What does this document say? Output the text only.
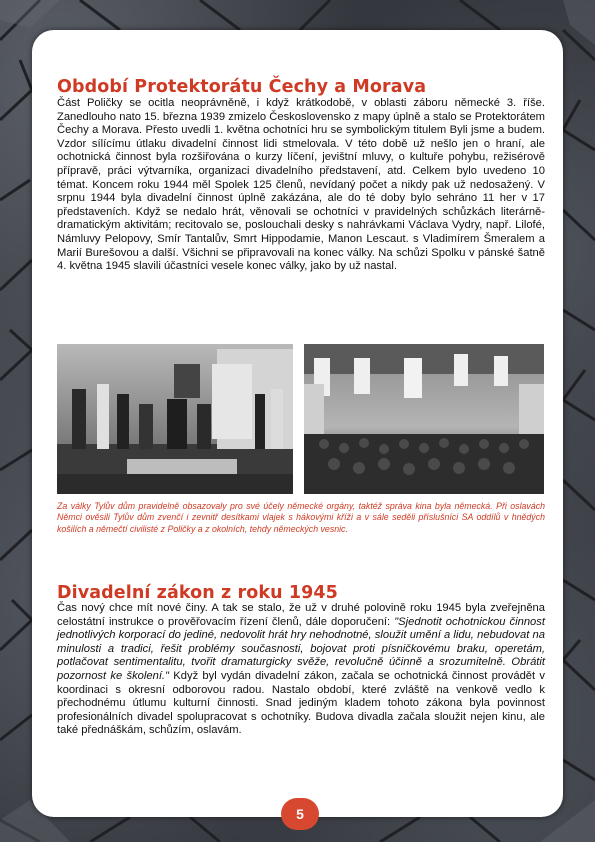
Období Protektorátu Čechy a Morava

Část Poličky se ocitla neoprávněně, i když krátkodobě, v oblasti záboru německé 3. říše. Zanedlouho nato 15. března 1939 zmizelo Československo z mapy úplně a stalo se Protektorátem Čechy a Morava. Přesto uvedli 1. května ochotníci hru se symbolickým titulem Byli jsme a budem. Vzdor sílícímu útlaku divadelní činnost lidi stmelovala. V této době už nešlo jen o hraní, ale ochotnická činnost byla rozšiřována o kurzy líčení, jevištní mluvy, o kultuře pohybu, režisérově přípravě, práci výtvarníka, organizaci divadelního představení, atd. Celkem bylo uvedeno 10 témat. Koncem roku 1944 měl Spolek 125 členů, nevídaný počet a nikdy pak už nedosažený. V srpnu 1944 byla divadelní činnost úplně zakázána, ale do té doby bylo sehráno 11 her v 17 představeních. Když se nedalo hrát, věnovali se ochotníci v pravidelných schůzkách literárně-dramatickým aktivitám; recitovalo se, poslouchali desky s nahrávkami Václava Vydry, např. Lilofé, Námluvy Pelopovy, Smír Tantalův, Smrt Hippodamie, Manon Lescaut. s Vladimírem Šmeralem a Marií Burešovou a další. Všichni se připravovali na konec války. Na schůzi Spolku v pánské šatně 4. května 1945 slavili účastníci vesele konec války, jako by už nastal.

Za války Tylův dům pravidelně obsazovaly pro své účely německé orgány, taktéž správa kina byla německá. Při oslavách Němci ověsili Tylův dům zvenčí i zevnitř desítkami vlajek s hákovými kříži a v sále seděli příslušníci SA oddílů v hnědých košilích a němečtí civilisté z Poličky a z okolních, tehdy německých vesnic.

Divadelní zákon z roku 1945

Čas nový chce mít nové činy. A tak se stalo, že už v druhé polovině roku 1945 byla zveřejněna celostátní instrukce o prověřovacím řízení členů, dále doporučení: "Sjednotit ochotnickou činnost jednotlivých korporací do jediné, nedovolit hrát hry nehodnotné, sloužit umění a lidu, nebudovat na minulosti a tradici, řešit problémy současnosti, bojovat proti písničkovému braku, operetám, potlačovat sentimentalitu, tvořit dramaturgicky svěže, revolučně účinně a srozumitelně. Obrátit pozornost ke školení." Když byl vydán divadelní zákon, začala se ochotnická činnost provádět v koordinaci s okresní odborovou radou. Nastalo období, které zvláště na venkově vedlo k přechodnému útlumu kulturní činnosti. Snad jediným kladem tohoto zákona byla povinnost profesionálních divadel spolupracovat s ochotníky. Budova divadla začala sloužit nejen kinu, ale také přednáškám, schůzím, oslavám.

5
